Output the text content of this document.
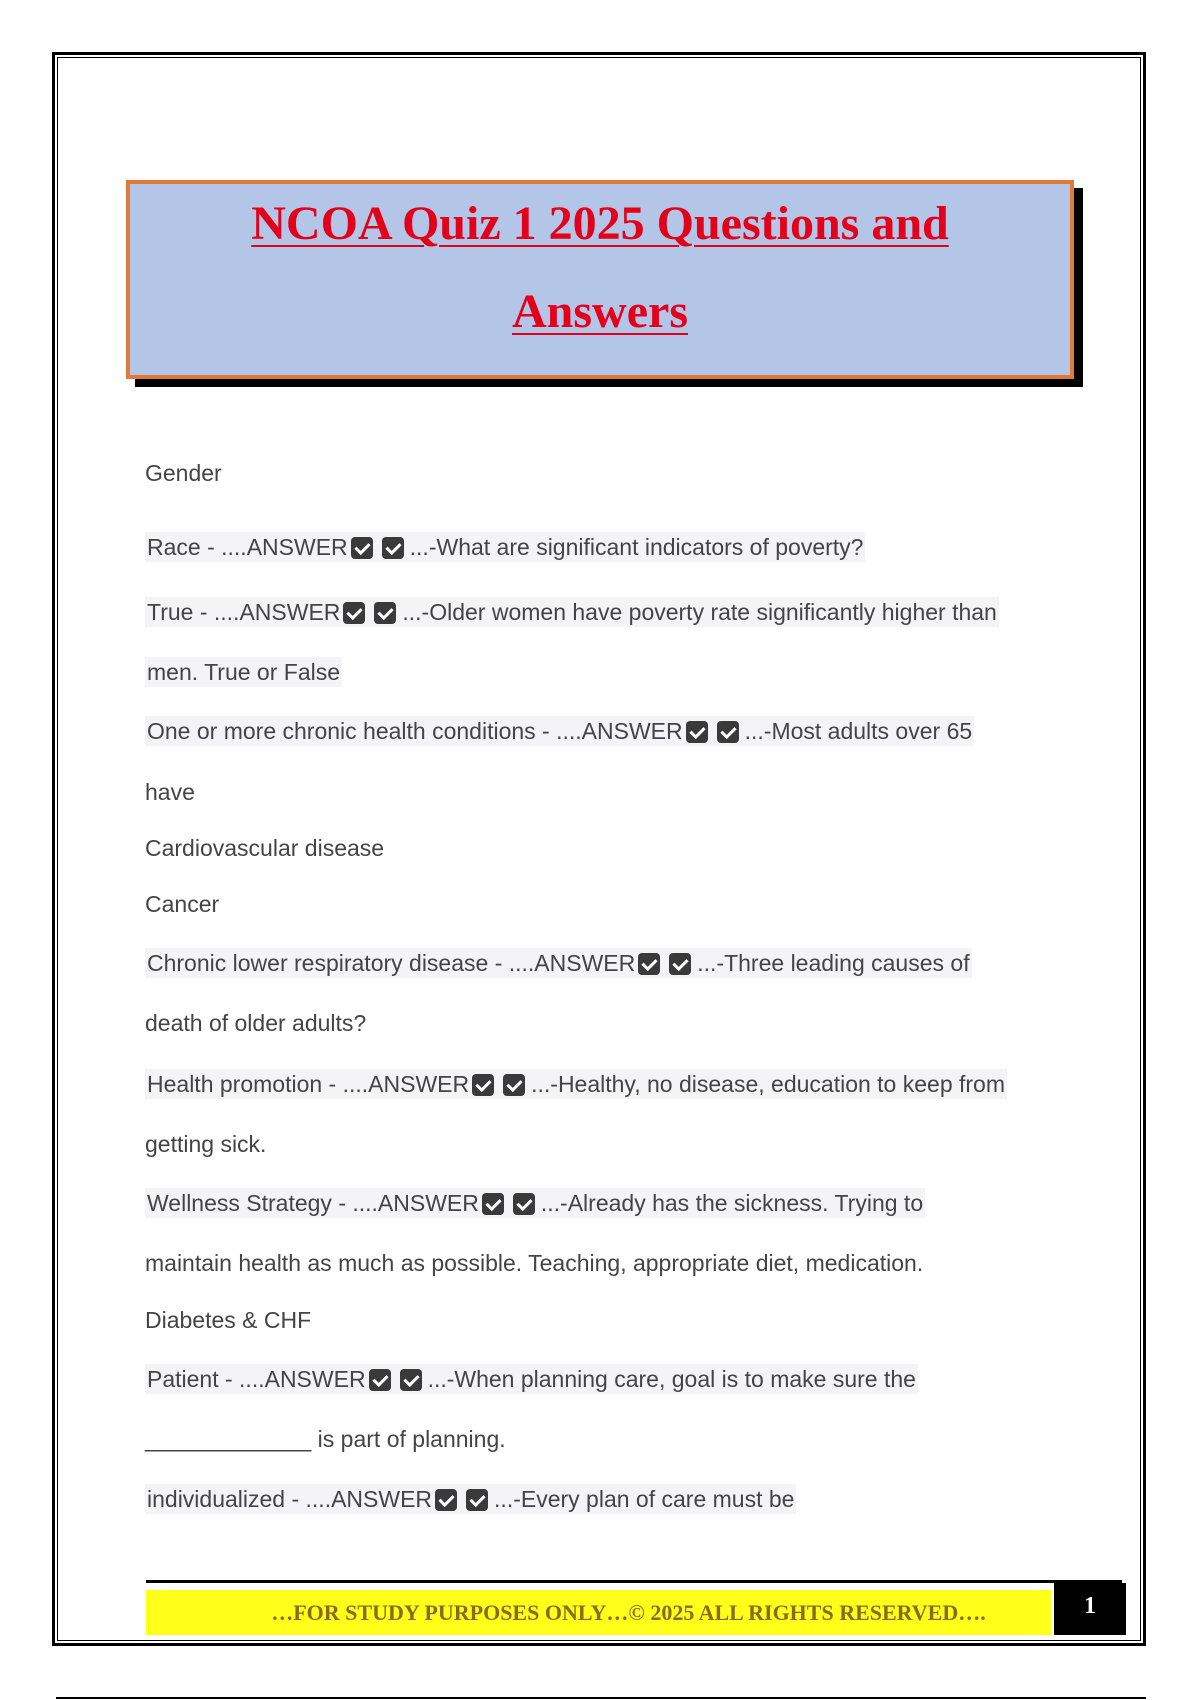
NCOA Quiz 1 2025 Questions and
Answers
Gender
Race - ....ANSWER	...-What are significant indicators of poverty?
True - ....ANSWER	...-Older women have poverty rate significantly higher than
men. True or False
One or more chronic health conditions - ....ANSWER	...-Most adults over 65
have
Cardiovascular disease
Cancer
Chronic lower respiratory disease - ....ANSWER	...-Three leading causes of
death of older adults?
Health promotion - ....ANSWER	...-Healthy, no disease, education to keep from
getting sick.
Wellness Strategy - ....ANSWER	...-Already has the sickness. Trying to
maintain health as much as possible. Teaching, appropriate diet, medication.
Diabetes & CHF
Patient - ....ANSWER	...-When planning care, goal is to make sure the
_____________ is part of planning.
individualized - ....ANSWER	...-Every plan of care must be
…FOR STUDY PURPOSES ONLY…© 2025 ALL RIGHTS RESERVED….	1
